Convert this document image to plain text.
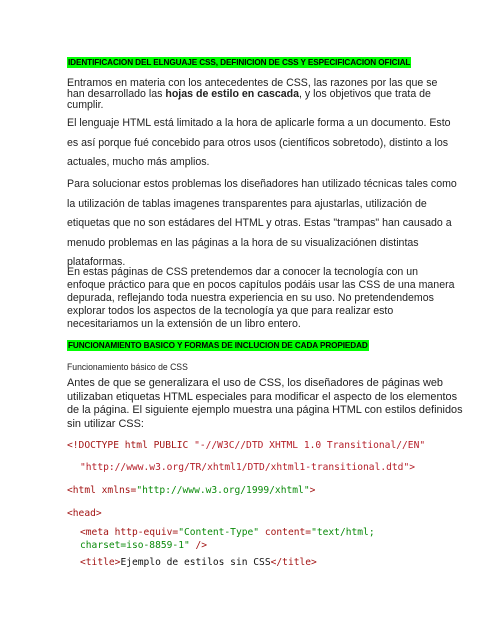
IDENTIFICACION DEL ELNGUAJE CSS, DEFINICION DE CSS Y ESPECIFICACION OFICIAL
Entramos en materia con los antecedentes de CSS, las razones por las que se
han desarrollado las hojas de estilo en cascada, y los objetivos que trata de
cumplir.
El lenguaje HTML está limitado a la hora de aplicarle forma a un documento. Esto
es así porque fué concebido para otros usos (científicos sobretodo), distinto a los
actuales, mucho más amplios.
Para solucionar estos problemas los diseñadores han utilizado técnicas tales como
la utilización de tablas imagenes transparentes para ajustarlas, utilización de
etiquetas que no son estádares del HTML y otras. Estas "trampas" han causado a
menudo problemas en las páginas a la hora de su visualizaciónen distintas
plataformas.
En estas páginas de CSS pretendemos dar a conocer la tecnología con un
enfoque práctico para que en pocos capítulos podáis usar las CSS de una manera
depurada, reflejando toda nuestra experiencia en su uso. No pretendendemos
explorar todos los aspectos de la tecnología ya que para realizar esto
necesitariamos un la extensión de un libro entero.
FUNCIONAMIENTO BASICO Y FORMAS DE INCLUCION DE CADA PROPIEDAD
Funcionamiento básico de CSS
Antes de que se generalizara el uso de CSS, los diseñadores de páginas web
utilizaban etiquetas HTML especiales para modificar el aspecto de los elementos
de la página. El siguiente ejemplo muestra una página HTML con estilos definidos
sin utilizar CSS:
<!DOCTYPE html PUBLIC "-//W3C//DTD XHTML 1.0 Transitional//EN"
"http://www.w3.org/TR/xhtml1/DTD/xhtml1-transitional.dtd">
<html xmlns="http://www.w3.org/1999/xhtml">
<head>
<meta http-equiv="Content-Type" content="text/html; charset=iso-8859-1" />
<title>Ejemplo de estilos sin CSS</title>
